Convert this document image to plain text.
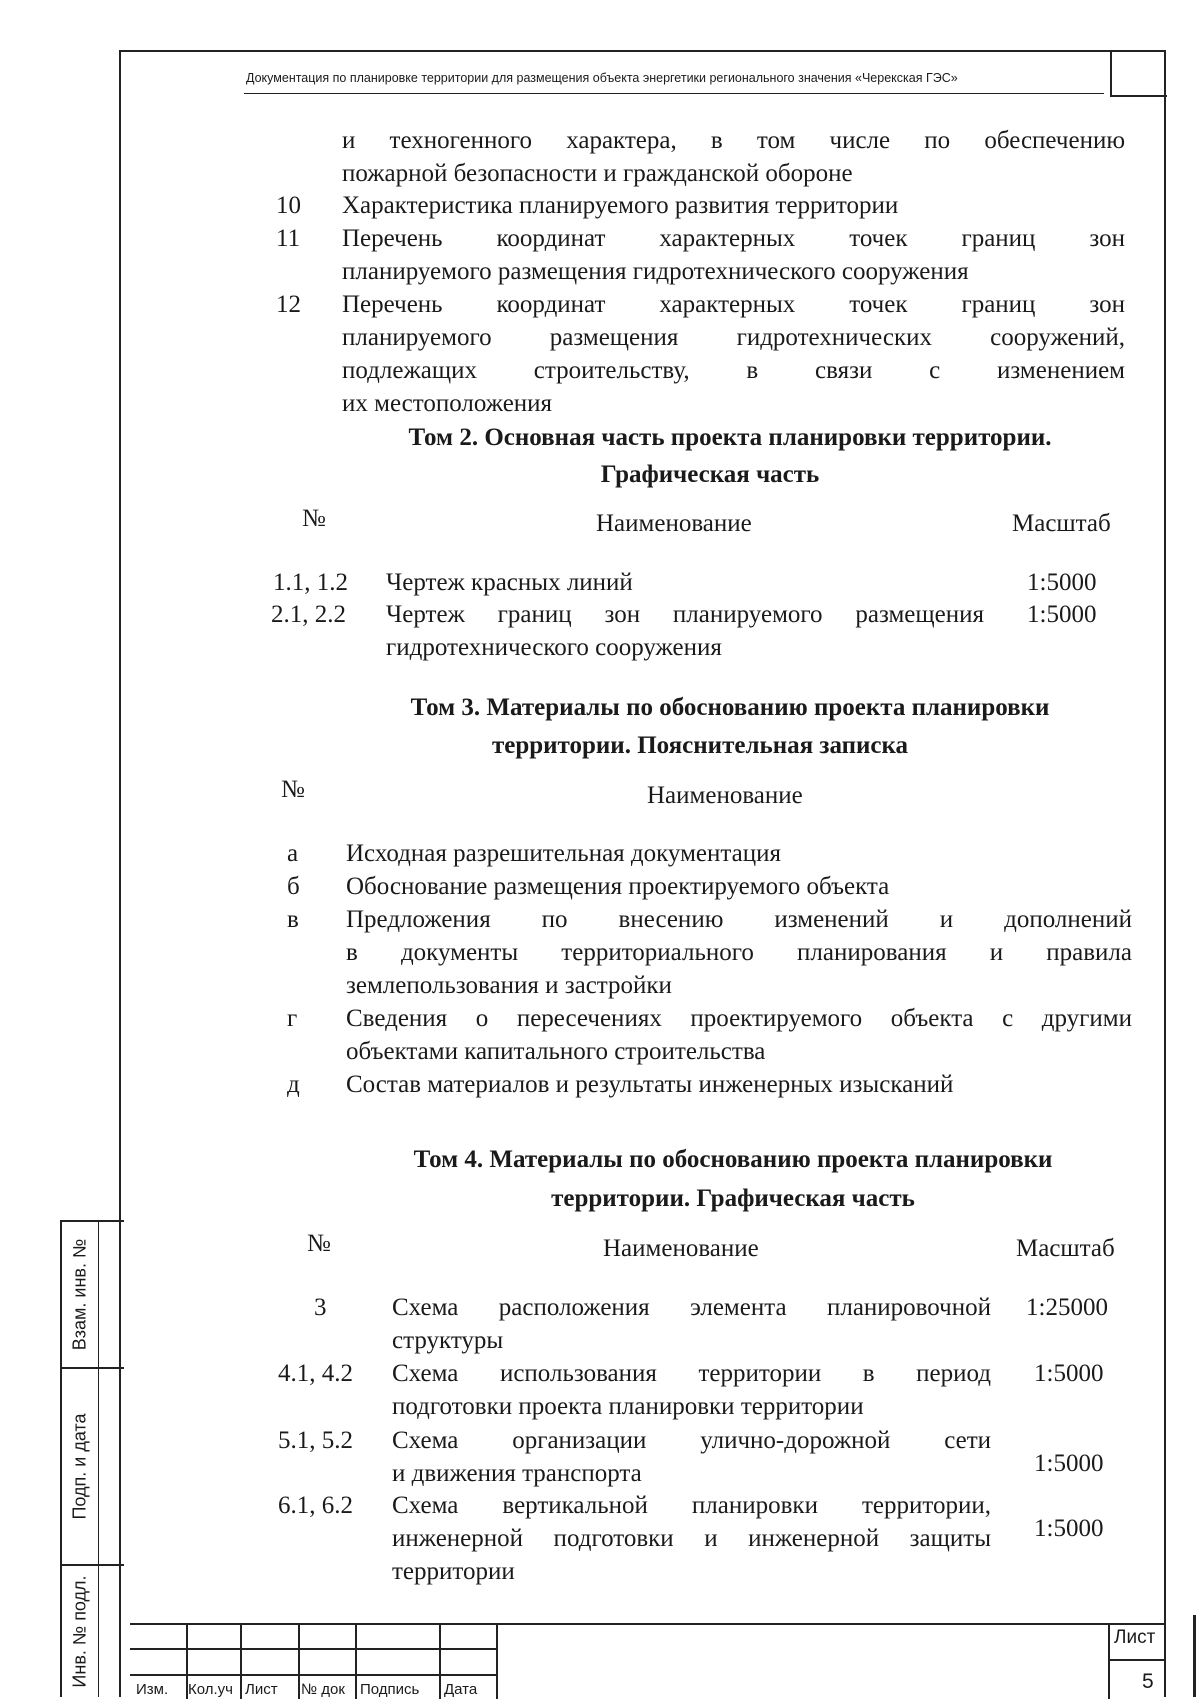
Документация по планировке территории для размещения объекта энергетики регионального значения «Черекская ГЭС»
и техногенного характера, в том числе по обеспечению
пожарной безопасности и гражданской обороне
10 Характеристика планируемого развития территории
11 Перечень координат характерных точек границ зон
планируемого размещения гидротехнического сооружения
12 Перечень координат характерных точек границ зон
планируемого размещения гидротехнических сооружений,
подлежащих строительству, в связи с изменением
их местоположения
Том 2. Основная часть проекта планировки территории.
Графическая часть
№	Наименование	Масштаб
1.1, 1.2 Чертеж красных линий	1:5000
2.1, 2.2 Чертеж границ зон планируемого размещения
гидротехнического сооружения
1:5000
Том 3. Материалы по обоснованию проекта планировки
территории. Пояснительная записка
№	Наименование
а Исходная разрешительная документация
б Обоснование размещения проектируемого объекта
в Предложения по внесению изменений и дополнений
в документы территориального планирования и правила
землепользования и застройки
г Сведения о пересечениях проектируемого объекта с другими
объектами капитального строительства
д Состав материалов и результаты инженерных изысканий
Том 4. Материалы по обоснованию проекта планировки
территории. Графическая часть
№	Наименование	Масштаб
3	Схема расположения элемента планировочной
структуры
1:25000
4.1, 4.2 Схема использования территории в период
подготовки проекта планировки территории
1:5000
5.1, 5.2 Схема организации улично-дорожной сети
и движения транспорта	1:5000
6.1, 6.2 Схема вертикальной планировки территории,
инженерной подготовки и инженерной защиты
территории
1:5000
Взам. инв. №
Подп. и дата
Инв. № подл.
Изм. Кол.уч Лист № док Подпись Дата
Лист
5
